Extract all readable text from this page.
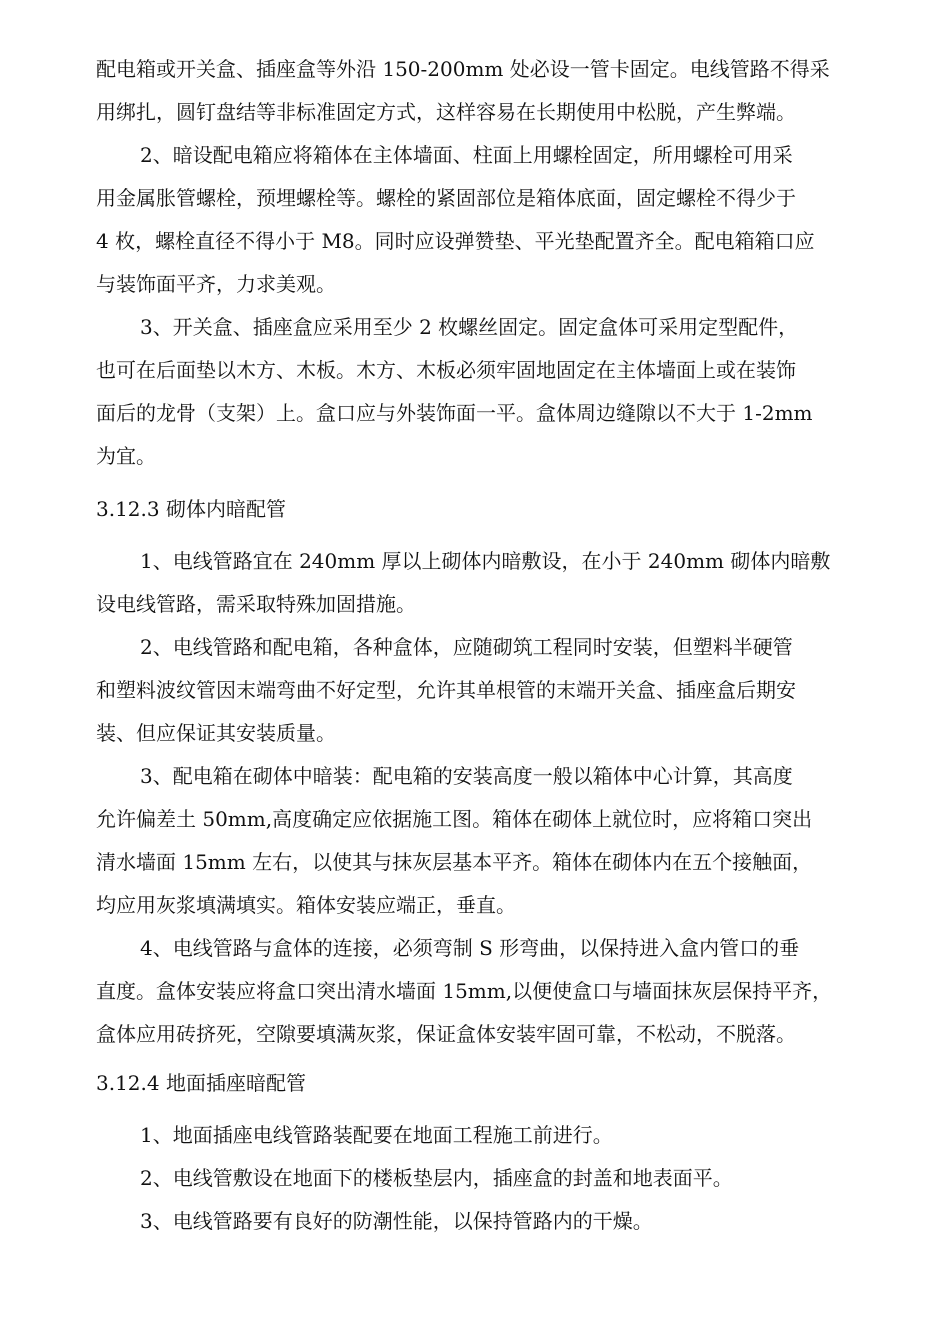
配电箱或开关盒、插座盒等外沿 150-200mm 处必设一管卡固定。电线管路不得采
用绑扎，圆钉盘结等非标准固定方式，这样容易在长期使用中松脱，产生弊端。
2、暗设配电箱应将箱体在主体墙面、柱面上用螺栓固定，所用螺栓可用采
用金属胀管螺栓，预埋螺栓等。螺栓的紧固部位是箱体底面，固定螺栓不得少于
4 枚，螺栓直径不得小于 M8。同时应设弹赞垫、平光垫配置齐全。配电箱箱口应
与装饰面平齐，力求美观。
3、开关盒、插座盒应采用至少 2 枚螺丝固定。固定盒体可采用定型配件，
也可在后面垫以木方、木板。木方、木板必须牢固地固定在主体墙面上或在装饰
面后的龙骨（支架）上。盒口应与外装饰面一平。盒体周边缝隙以不大于 1-2mm
为宜。
3.12.3 砌体内暗配管
1、电线管路宜在 240mm 厚以上砌体内暗敷设，在小于 240mm 砌体内暗敷
设电线管路，需采取特殊加固措施。
2、电线管路和配电箱，各种盒体，应随砌筑工程同时安装，但塑料半硬管
和塑料波纹管因末端弯曲不好定型，允许其单根管的末端开关盒、插座盒后期安
装、但应保证其安装质量。
3、配电箱在砌体中暗装：配电箱的安装高度一般以箱体中心计算，其高度
允许偏差土 50mm,高度确定应依据施工图。箱体在砌体上就位时，应将箱口突出
清水墙面 15mm 左右，以使其与抹灰层基本平齐。箱体在砌体内在五个接触面，
均应用灰浆填满填实。箱体安装应端正，垂直。
4、电线管路与盒体的连接，必须弯制 S 形弯曲，以保持进入盒内管口的垂
直度。盒体安装应将盒口突出清水墙面 15mm,以便使盒口与墙面抹灰层保持平齐，
盒体应用砖挤死，空隙要填满灰浆，保证盒体安装牢固可靠，不松动，不脱落。
3.12.4 地面插座暗配管
1、地面插座电线管路装配要在地面工程施工前进行。
2、电线管敷设在地面下的楼板垫层内，插座盒的封盖和地表面平。
3、电线管路要有良好的防潮性能，以保持管路内的干燥。
